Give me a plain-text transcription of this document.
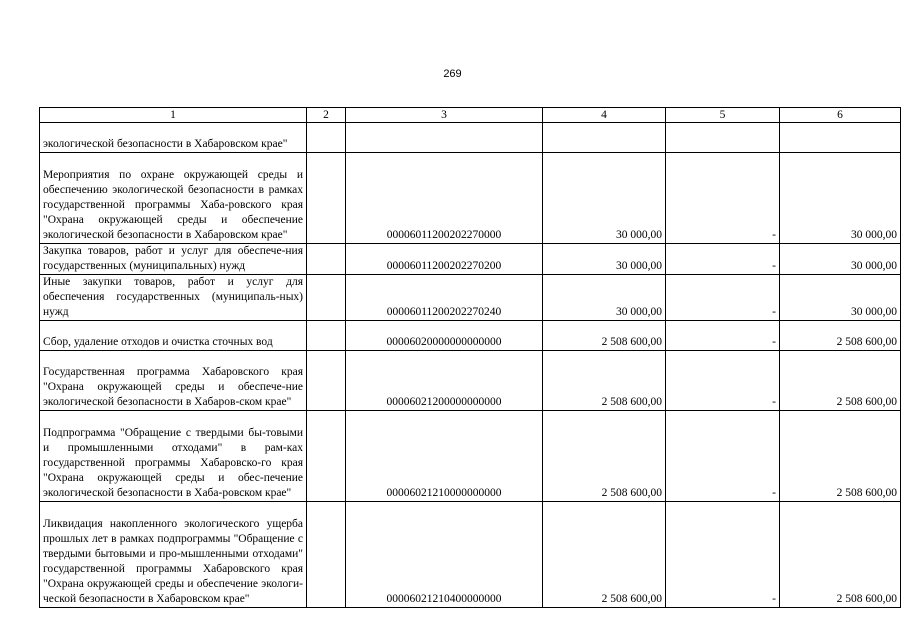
269
1	2	3	4	5	6
экологической безопасности в Хабаровском крае"					
Мероприятия по охране окружающей среды и обеспечению экологической безопасности в рамках государственной программы Хаба-ровского края "Охрана окружающей среды и обеспечение экологической безопасности в Хабаровском крае"		00006011200202270000	30 000,00	-	30 000,00
Закупка товаров, работ и услуг для обеспече-ния государственных (муниципальных) нужд		00006011200202270200	30 000,00	-	30 000,00
Иные закупки товаров, работ и услуг для обеспечения государственных (муниципаль-ных) нужд		00006011200202270240	30 000,00	-	30 000,00
Сбор, удаление отходов и очистка сточных вод		00006020000000000000	2 508 600,00	-	2 508 600,00
Государственная программа Хабаровского края "Охрана окружающей среды и обеспече-ние экологической безопасности в Хабаров-ском крае"		00006021200000000000	2 508 600,00	-	2 508 600,00
Подпрограмма "Обращение с твердыми бы-товыми и промышленными отходами" в рам-ках государственной программы Хабаровско-го края "Охрана окружающей среды и обес-печение экологической безопасности в Хаба-ровском крае"		00006021210000000000	2 508 600,00	-	2 508 600,00
Ликвидация накопленного экологического ущерба прошлых лет в рамках подпрограммы "Обращение с твердыми бытовыми и про-мышленными отходами" государственной программы Хабаровского края "Охрана окружающей среды и обеспечение экологи-ческой безопасности в Хабаровском крае"		00006021210400000000	2 508 600,00	-	2 508 600,00
